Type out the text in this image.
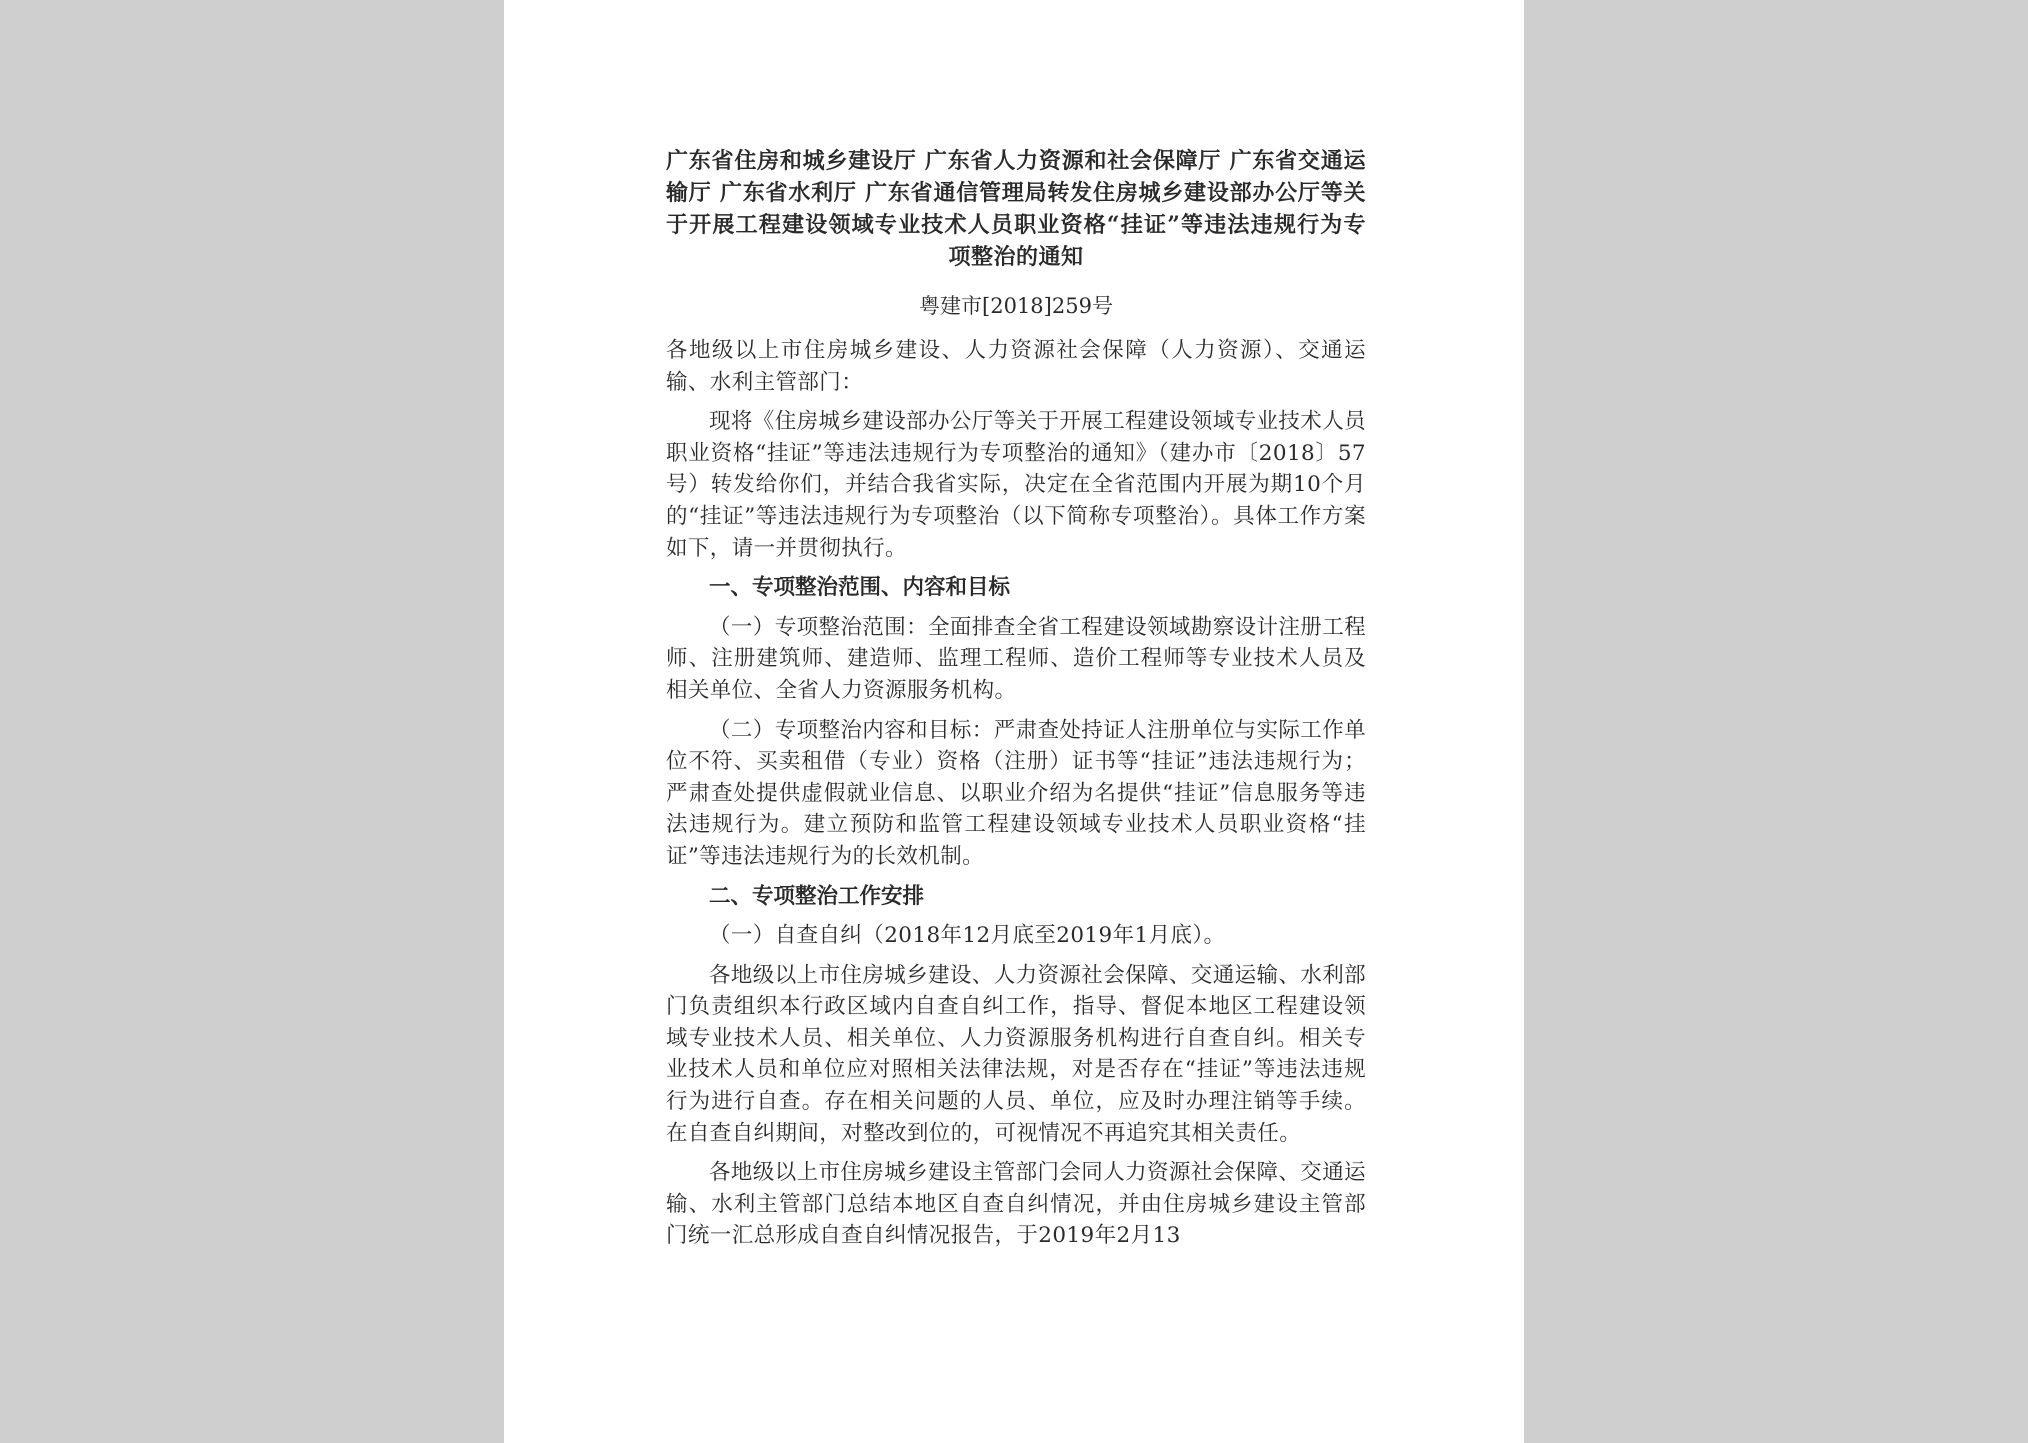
广东省住房和城乡建设厅 广东省人力资源和社会保障厅 广东省交通运输厅 广东省水利厅 广东省通信管理局转发住房城乡建设部办公厅等关于开展工程建设领域专业技术人员职业资格“挂证”等违法违规行为专项整治的通知

粤建市[2018]259号

各地级以上市住房城乡建设、人力资源社会保障（人力资源）、交通运输、水利主管部门：

现将《住房城乡建设部办公厅等关于开展工程建设领域专业技术人员职业资格“挂证”等违法违规行为专项整治的通知》（建办市〔2018〕57号）转发给你们，并结合我省实际，决定在全省范围内开展为期10个月的“挂证”等违法违规行为专项整治（以下简称专项整治）。具体工作方案如下，请一并贯彻执行。

一、专项整治范围、内容和目标

（一）专项整治范围：全面排查全省工程建设领域勘察设计注册工程师、注册建筑师、建造师、监理工程师、造价工程师等专业技术人员及相关单位、全省人力资源服务机构。

（二）专项整治内容和目标：严肃查处持证人注册单位与实际工作单位不符、买卖租借（专业）资格（注册）证书等“挂证”违法违规行为；严肃查处提供虚假就业信息、以职业介绍为名提供“挂证”信息服务等违法违规行为。建立预防和监管工程建设领域专业技术人员职业资格“挂证”等违法违规行为的长效机制。

二、专项整治工作安排

（一）自查自纠（2018年12月底至2019年1月底）。

各地级以上市住房城乡建设、人力资源社会保障、交通运输、水利部门负责组织本行政区域内自查自纠工作，指导、督促本地区工程建设领域专业技术人员、相关单位、人力资源服务机构进行自查自纠。相关专业技术人员和单位应对照相关法律法规，对是否存在“挂证”等违法违规行为进行自查。存在相关问题的人员、单位，应及时办理注销等手续。在自查自纠期间，对整改到位的，可视情况不再追究其相关责任。

各地级以上市住房城乡建设主管部门会同人力资源社会保障、交通运输、水利主管部门总结本地区自查自纠情况，并由住房城乡建设主管部门统一汇总形成自查自纠情况报告，于2019年2月13
